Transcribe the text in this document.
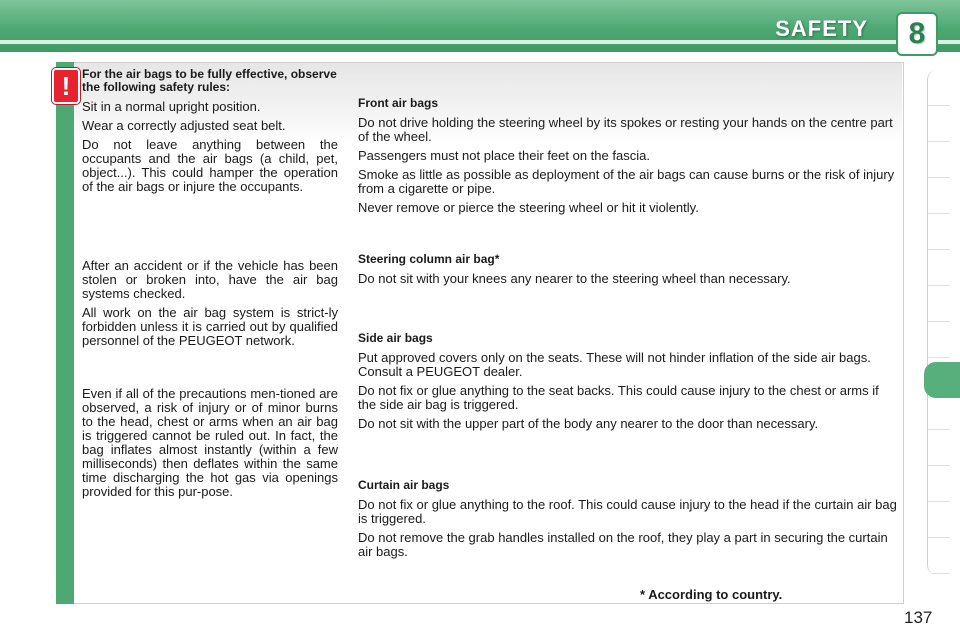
SAFETY 8
! For the air bags to be fully effective, observe the following safety rules:

Sit in a normal upright position.

Wear a correctly adjusted seat belt.

Do not leave anything between the occupants and the air bags (a child, pet, object...). This could hamper the operation of the air bags or injure the occupants.

After an accident or if the vehicle has been stolen or broken into, have the air bag systems checked.

All work on the air bag system is strict-ly forbidden unless it is carried out by qualified personnel of the PEUGEOT network.

Even if all of the precautions men-tioned are observed, a risk of injury or of minor burns to the head, chest or arms when an air bag is triggered cannot be ruled out. In fact, the bag inflates almost instantly (within a few milliseconds) then deflates within the same time discharging the hot gas via openings provided for this pur-pose.

Front air bags

Do not drive holding the steering wheel by its spokes or resting your hands on the centre part of the wheel.

Passengers must not place their feet on the fascia.

Smoke as little as possible as deployment of the air bags can cause burns or the risk of injury from a cigarette or pipe.

Never remove or pierce the steering wheel or hit it violently.

Steering column air bag*

Do not sit with your knees any nearer to the steering wheel than necessary.

Side air bags

Put approved covers only on the seats. These will not hinder inflation of the side air bags. Consult a PEUGEOT dealer.

Do not fix or glue anything to the seat backs. This could cause injury to the chest or arms if the side air bag is triggered.

Do not sit with the upper part of the body any nearer to the door than necessary.

Curtain air bags

Do not fix or glue anything to the roof. This could cause injury to the head if the curtain air bag is triggered.

Do not remove the grab handles installed on the roof, they play a part in securing the curtain air bags.

* According to country.
137
